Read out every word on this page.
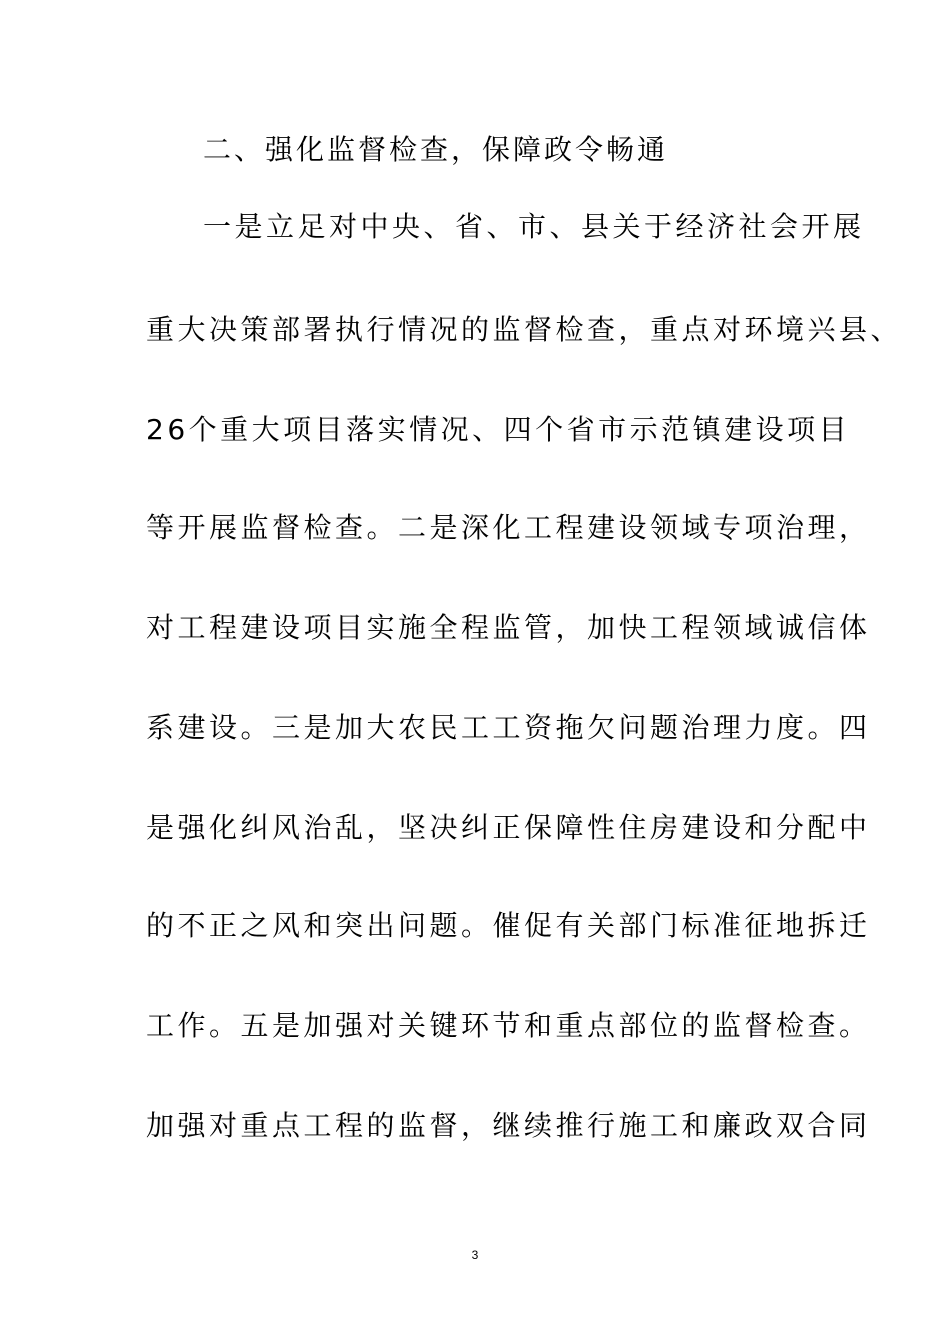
二、强化监督检查，保障政令畅通
一是立足对中央、省、市、县关于经济社会开展
重大决策部署执行情况的监督检查，重点对环境兴县、
26个重大项目落实情况、四个省市示范镇建设项目
等开展监督检查。二是深化工程建设领域专项治理，
对工程建设项目实施全程监管，加快工程领域诚信体
系建设。三是加大农民工工资拖欠问题治理力度。四
是强化纠风治乱，坚决纠正保障性住房建设和分配中
的不正之风和突出问题。催促有关部门标准征地拆迁
工作。五是加强对关键环节和重点部位的监督检查。
加强对重点工程的监督，继续推行施工和廉政双合同
3
